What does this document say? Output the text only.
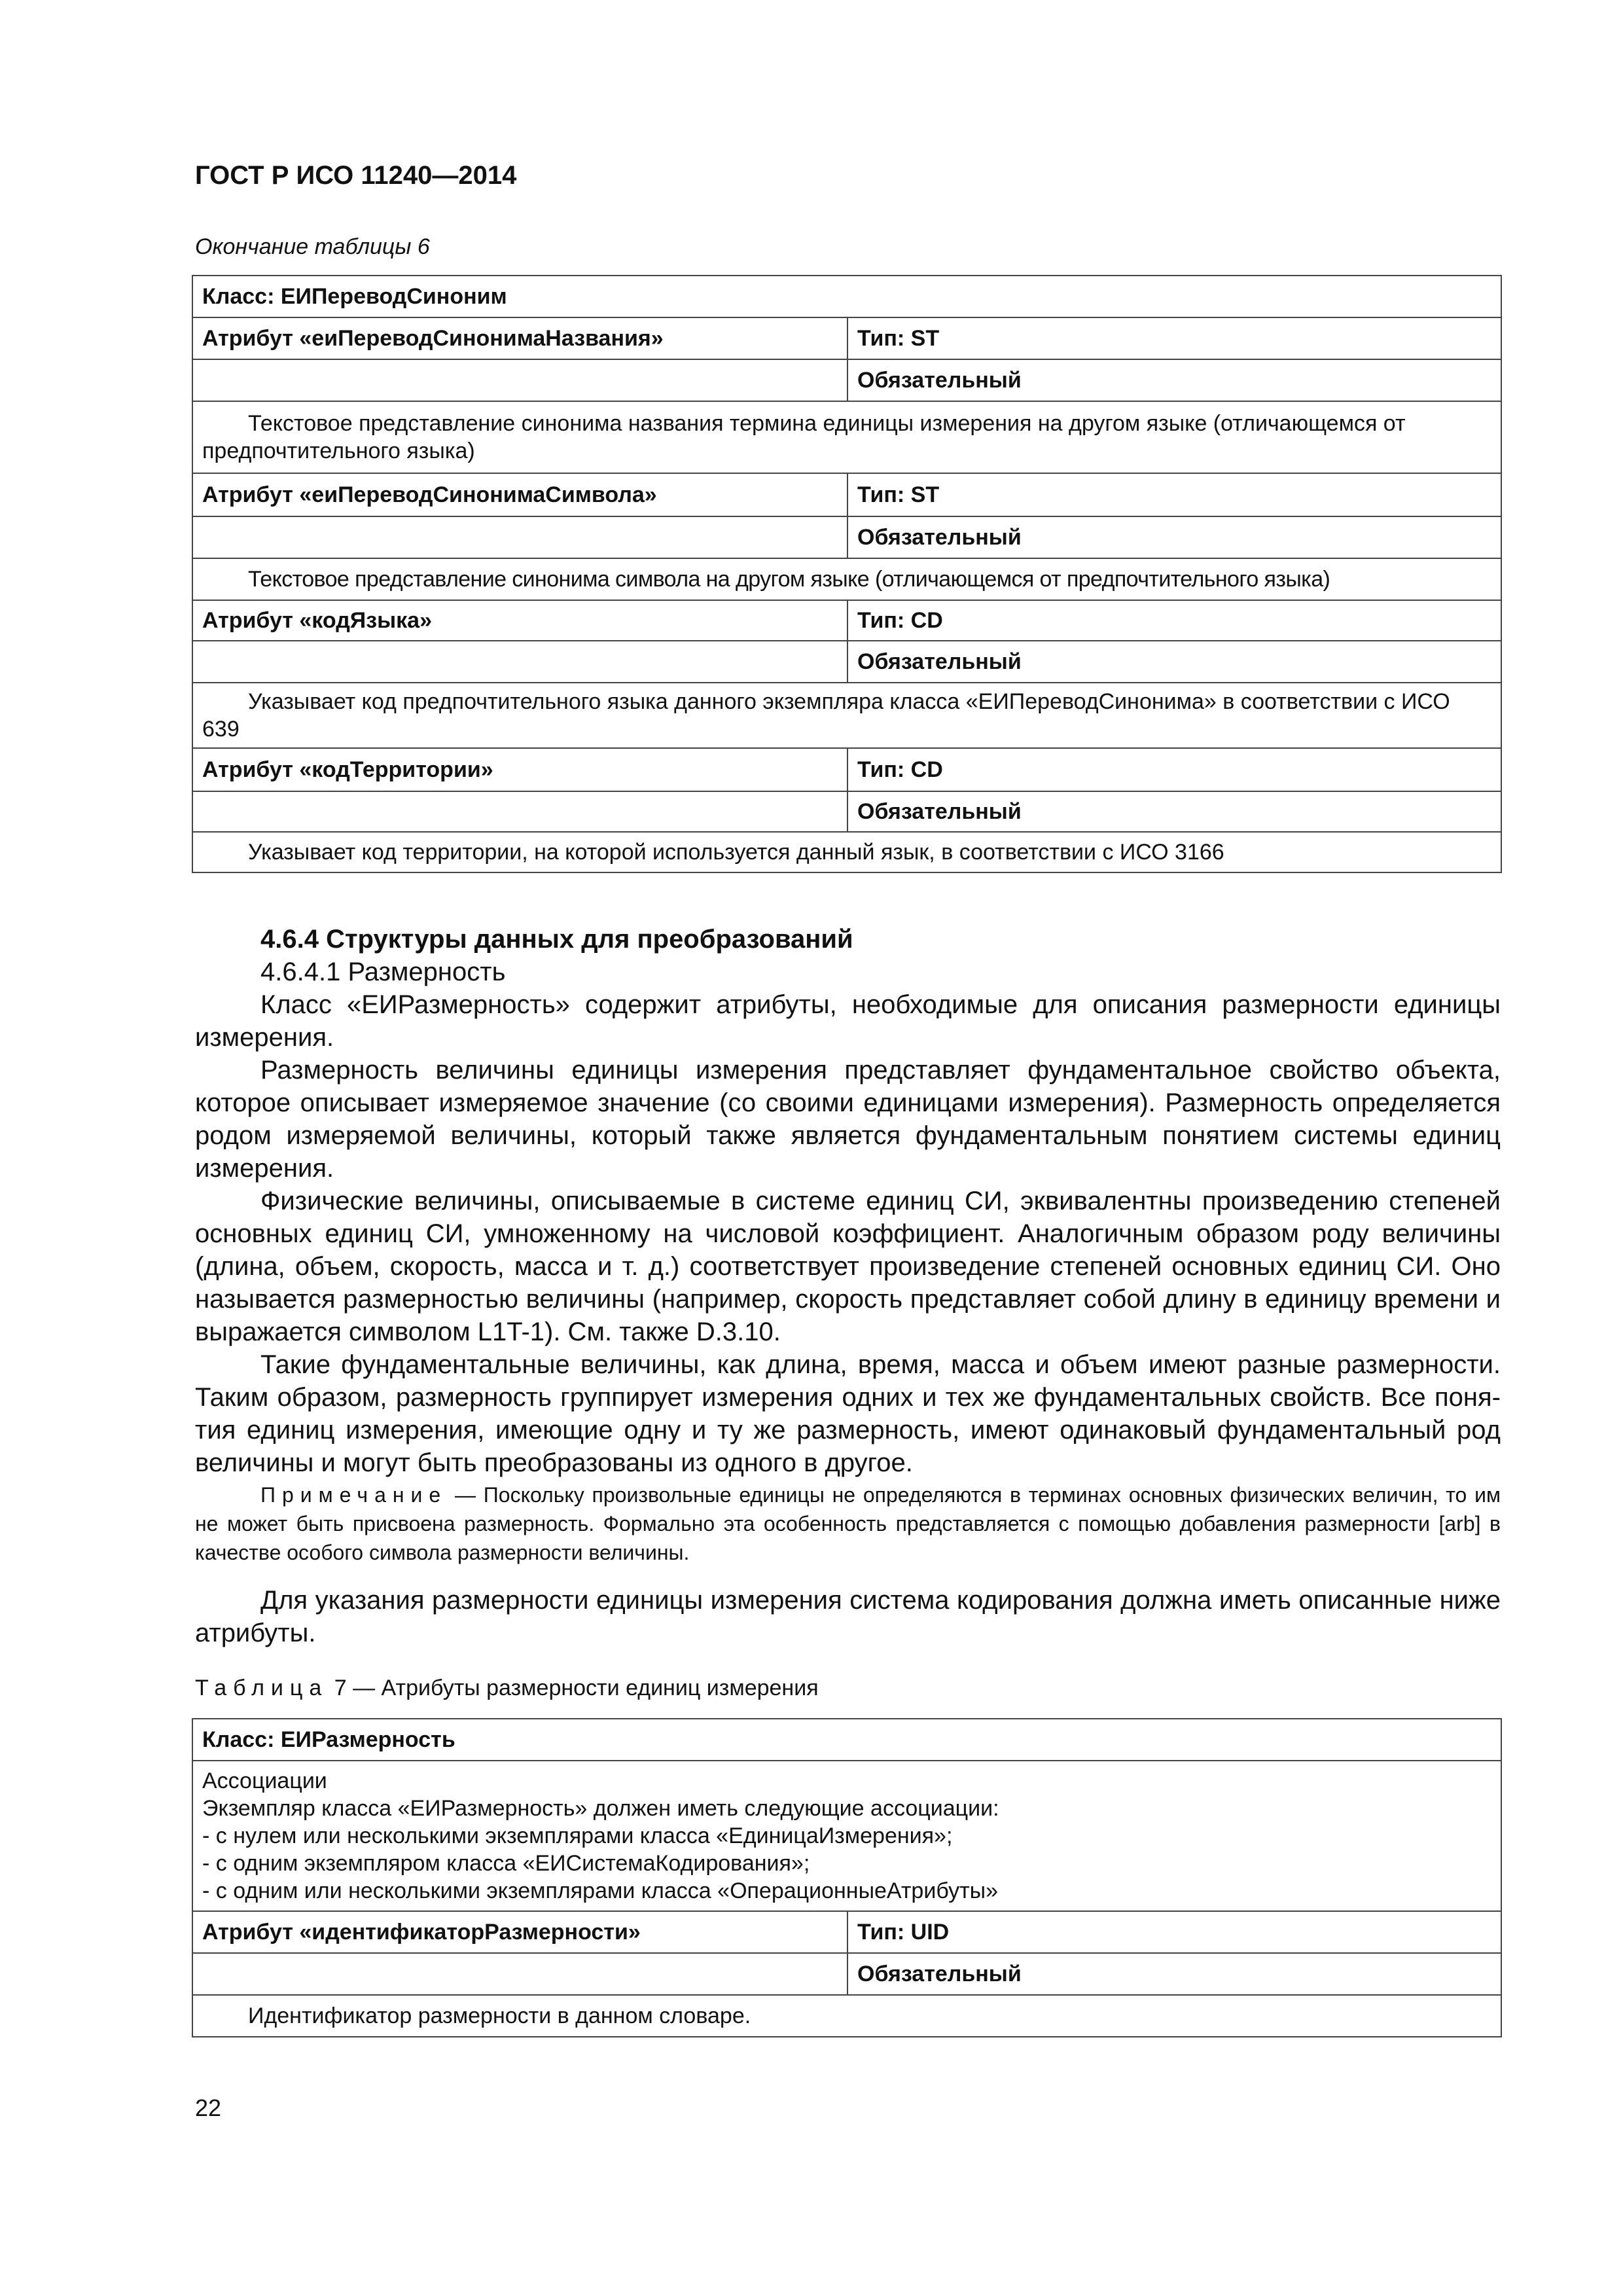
ГОСТ Р ИСО 11240—2014
Окончание таблицы 6
Класс: ЕИПереводСиноним	
Атрибут «еиПереводСинонимаНазвания»	Тип: ST
	Обязательный
Текстовое представление синонима названия термина единицы измерения на другом языке (отличающемся от предпочтительного языка)	
Атрибут «еиПереводСинонимаСимвола»	Тип: ST
	Обязательный
Текстовое представление синонима символа на другом языке (отличающемся от предпочтительного языка)	
Атрибут «кодЯзыка»	Тип: CD
	Обязательный
Указывает код предпочтительного языка данного экземпляра класса «ЕИПереводСинонима» в соответствии с ИСО 639	
Атрибут «кодТерритории»	Тип: CD
	Обязательный
Указывает код территории, на которой используется данный язык, в соответствии с ИСО 3166	
4.6.4 Структуры данных для преобразований
4.6.4.1 Размерность

Класс «ЕИРазмерность» содержит атрибуты, необходимые для описания размерности единицы измерения.

Размерность величины единицы измерения представляет фундаментальное свойство объекта, которое описывает измеряемое значение (со своими единицами измерения). Размерность определяется родом измеряемой величины, который также является фундаментальным понятием системы единиц измерения.

Физические величины, описываемые в системе единиц СИ, эквивалентны произведению степеней основных единиц СИ, умноженному на числовой коэффициент. Аналогичным образом роду величины (длина, объем, скорость, масса и т. д.) соответствует произведение степеней основных единиц СИ. Оно называется размерностью величины (например, скорость представляет собой длину в единицу времени и выражается символом L1T-1). См. также D.3.10.

Такие фундаментальные величины, как длина, время, масса и объем имеют разные размерности. Таким образом, размерность группирует измерения одних и тех же фундаментальных свойств. Все понятия единиц измерения, имеющие одну и ту же размерность, имеют одинаковый фундаментальный род величины и могут быть преобразованы из одного в другое.

Примечание — Поскольку произвольные единицы не определяются в терминах основных физических величин, то им не может быть присвоена размерность. Формально эта особенность представляется с помощью добавления размерности [arb] в качестве особого символа размерности величины.

Для указания размерности единицы измерения система кодирования должна иметь описанные ниже атрибуты.

Таблица 7 — Атрибуты размерности единиц измерения
Класс: ЕИРазмерность	

Ассоциации
Экземпляр класса «ЕИРазмерность» должен иметь следующие ассоциации:
- с нулем или несколькими экземплярами класса «ЕдиницаИзмерения»;
- с одним экземпляром класса «ЕИСистемаКодирования»;
- с одним или несколькими экземплярами класса «ОперационныеАтрибуты»	

Атрибут «идентификаторРазмерности»	Тип: UID
	Обязательный
Идентификатор размерности в данном словаре.	
22
